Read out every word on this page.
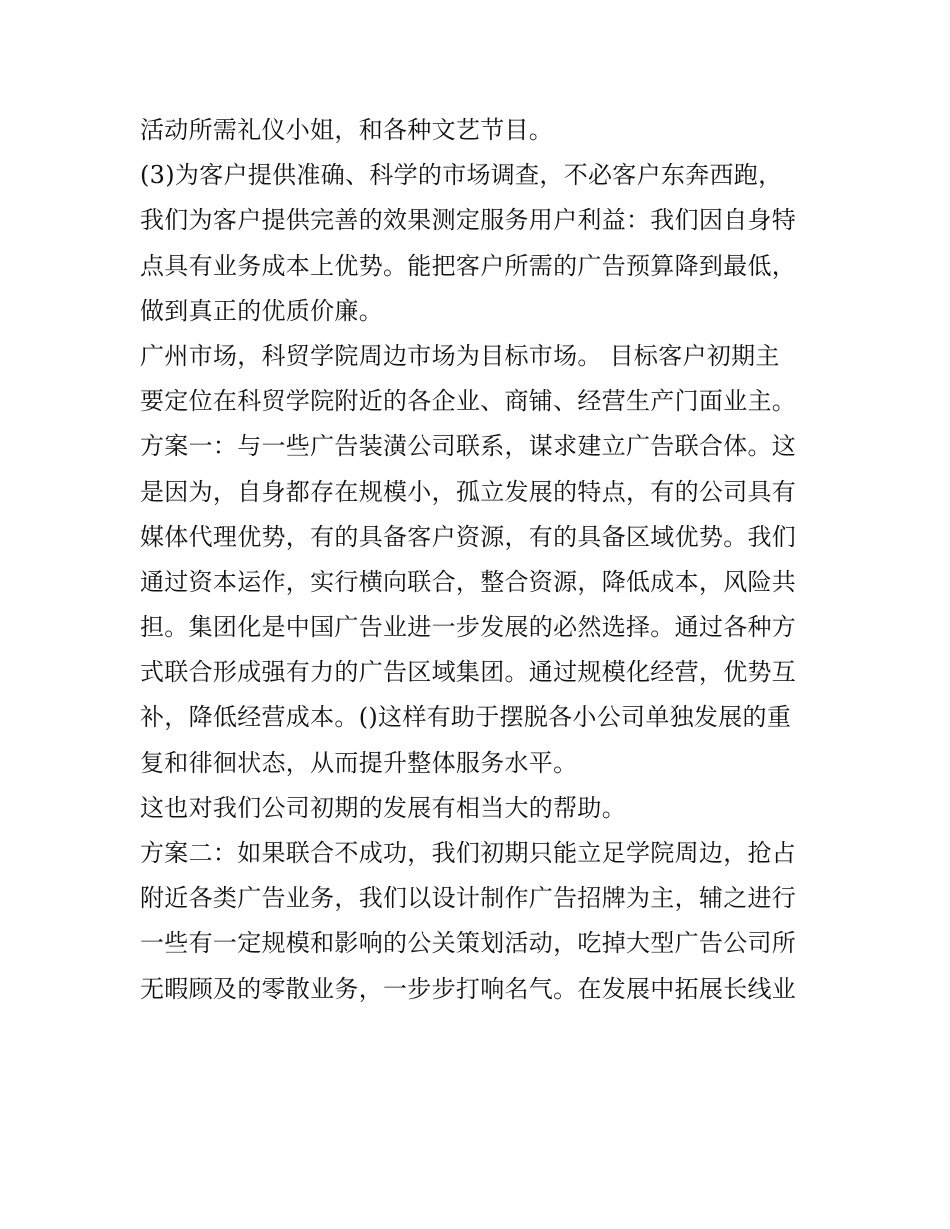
活动所需礼仪小姐，和各种文艺节目。
(3)为客户提供准确、科学的市场调查，不必客户东奔西跑，
我们为客户提供完善的效果测定服务用户利益：我们因自身特
点具有业务成本上优势。能把客户所需的广告预算降到最低，
做到真正的优质价廉。
广州市场，科贸学院周边市场为目标市场。 目标客户初期主
要定位在科贸学院附近的各企业、商铺、经营生产门面业主。
方案一：与一些广告装潢公司联系，谋求建立广告联合体。这
是因为，自身都存在规模小，孤立发展的特点，有的公司具有
媒体代理优势，有的具备客户资源，有的具备区域优势。我们
通过资本运作，实行横向联合，整合资源，降低成本，风险共
担。集团化是中国广告业进一步发展的必然选择。通过各种方
式联合形成强有力的广告区域集团。通过规模化经营，优势互
补，降低经营成本。()这样有助于摆脱各小公司单独发展的重
复和徘徊状态，从而提升整体服务水平。
这也对我们公司初期的发展有相当大的帮助。
方案二：如果联合不成功，我们初期只能立足学院周边，抢占
附近各类广告业务，我们以设计制作广告招牌为主，辅之进行
一些有一定规模和影响的公关策划活动，吃掉大型广告公司所
无暇顾及的零散业务，一步步打响名气。在发展中拓展长线业
